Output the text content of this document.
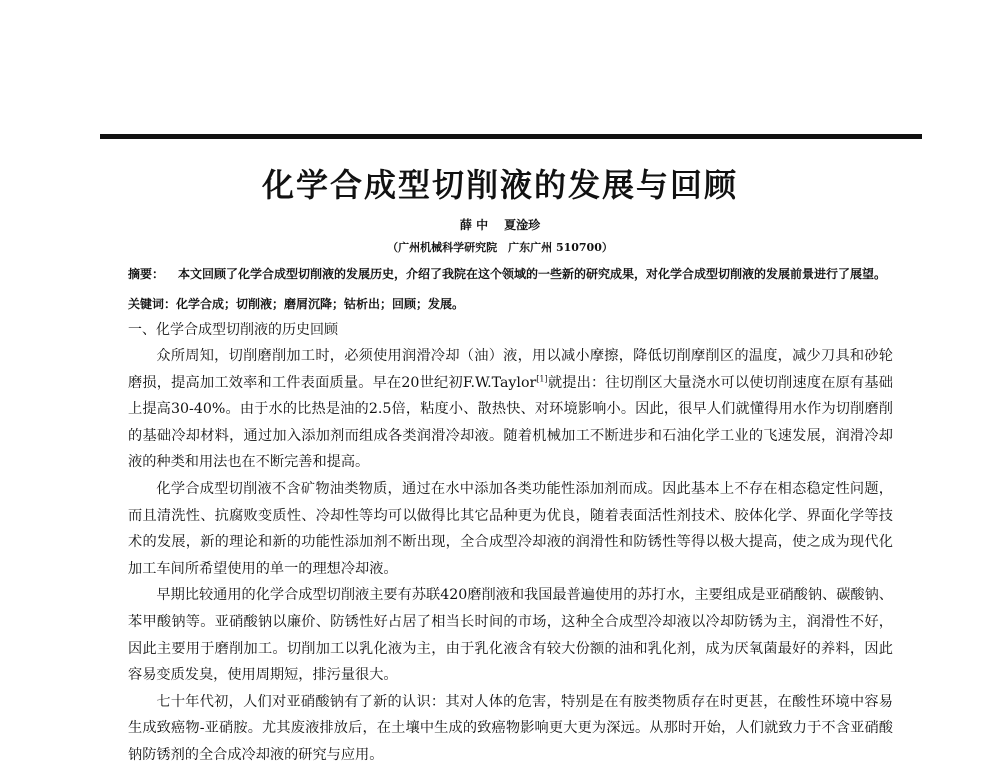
化学合成型切削液的发展与回顾
薛 中 夏淦珍
（广州机械科学研究院　广东广州 510700）

摘要： 本文回顾了化学合成型切削液的发展历史，介绍了我院在这个领域的一些新的研究成果，对化学合成型切削液的发展前景进行了展望。

关键词：化学合成；切削液；磨屑沉降；钴析出；回顾；发展。

一、化学合成型切削液的历史回顾

众所周知，切削磨削加工时，必须使用润滑冷却（油）液，用以减小摩擦，降低切削摩削区的温度，减少刀具和砂轮磨损，提高加工效率和工件表面质量。早在20世纪初F.W.Taylor[1]就提出：往切削区大量浇水可以使切削速度在原有基础上提高30-40%。由于水的比热是油的2.5倍，粘度小、散热快、对环境影响小。因此，很早人们就懂得用水作为切削磨削的基础冷却材料，通过加入添加剂而组成各类润滑冷却液。随着机械加工不断进步和石油化学工业的飞速发展，润滑冷却液的种类和用法也在不断完善和提高。

化学合成型切削液不含矿物油类物质，通过在水中添加各类功能性添加剂而成。因此基本上不存在相态稳定性问题，而且清洗性、抗腐败变质性、冷却性等均可以做得比其它品种更为优良，随着表面活性剂技术、胶体化学、界面化学等技术的发展，新的理论和新的功能性添加剂不断出现，全合成型冷却液的润滑性和防锈性等得以极大提高，使之成为现代化加工车间所希望使用的单一的理想冷却液。

早期比较通用的化学合成型切削液主要有苏联420磨削液和我国最普遍使用的苏打水，主要组成是亚硝酸钠、碳酸钠、苯甲酸钠等。亚硝酸钠以廉价、防锈性好占居了相当长时间的市场，这种全合成型冷却液以冷却防锈为主，润滑性不好，因此主要用于磨削加工。切削加工以乳化液为主，由于乳化液含有较大份额的油和乳化剂，成为厌氧菌最好的养料，因此容易变质发臭，使用周期短，排污量很大。

七十年代初，人们对亚硝酸钠有了新的认识：其对人体的危害，特别是在有胺类物质存在时更甚，在酸性环境中容易生成致癌物-亚硝胺。尤其废液排放后，在土壤中生成的致癌物影响更大更为深远。从那时开始，人们就致力于不含亚硝酸钠防锈剂的全合成冷却液的研究与应用。
